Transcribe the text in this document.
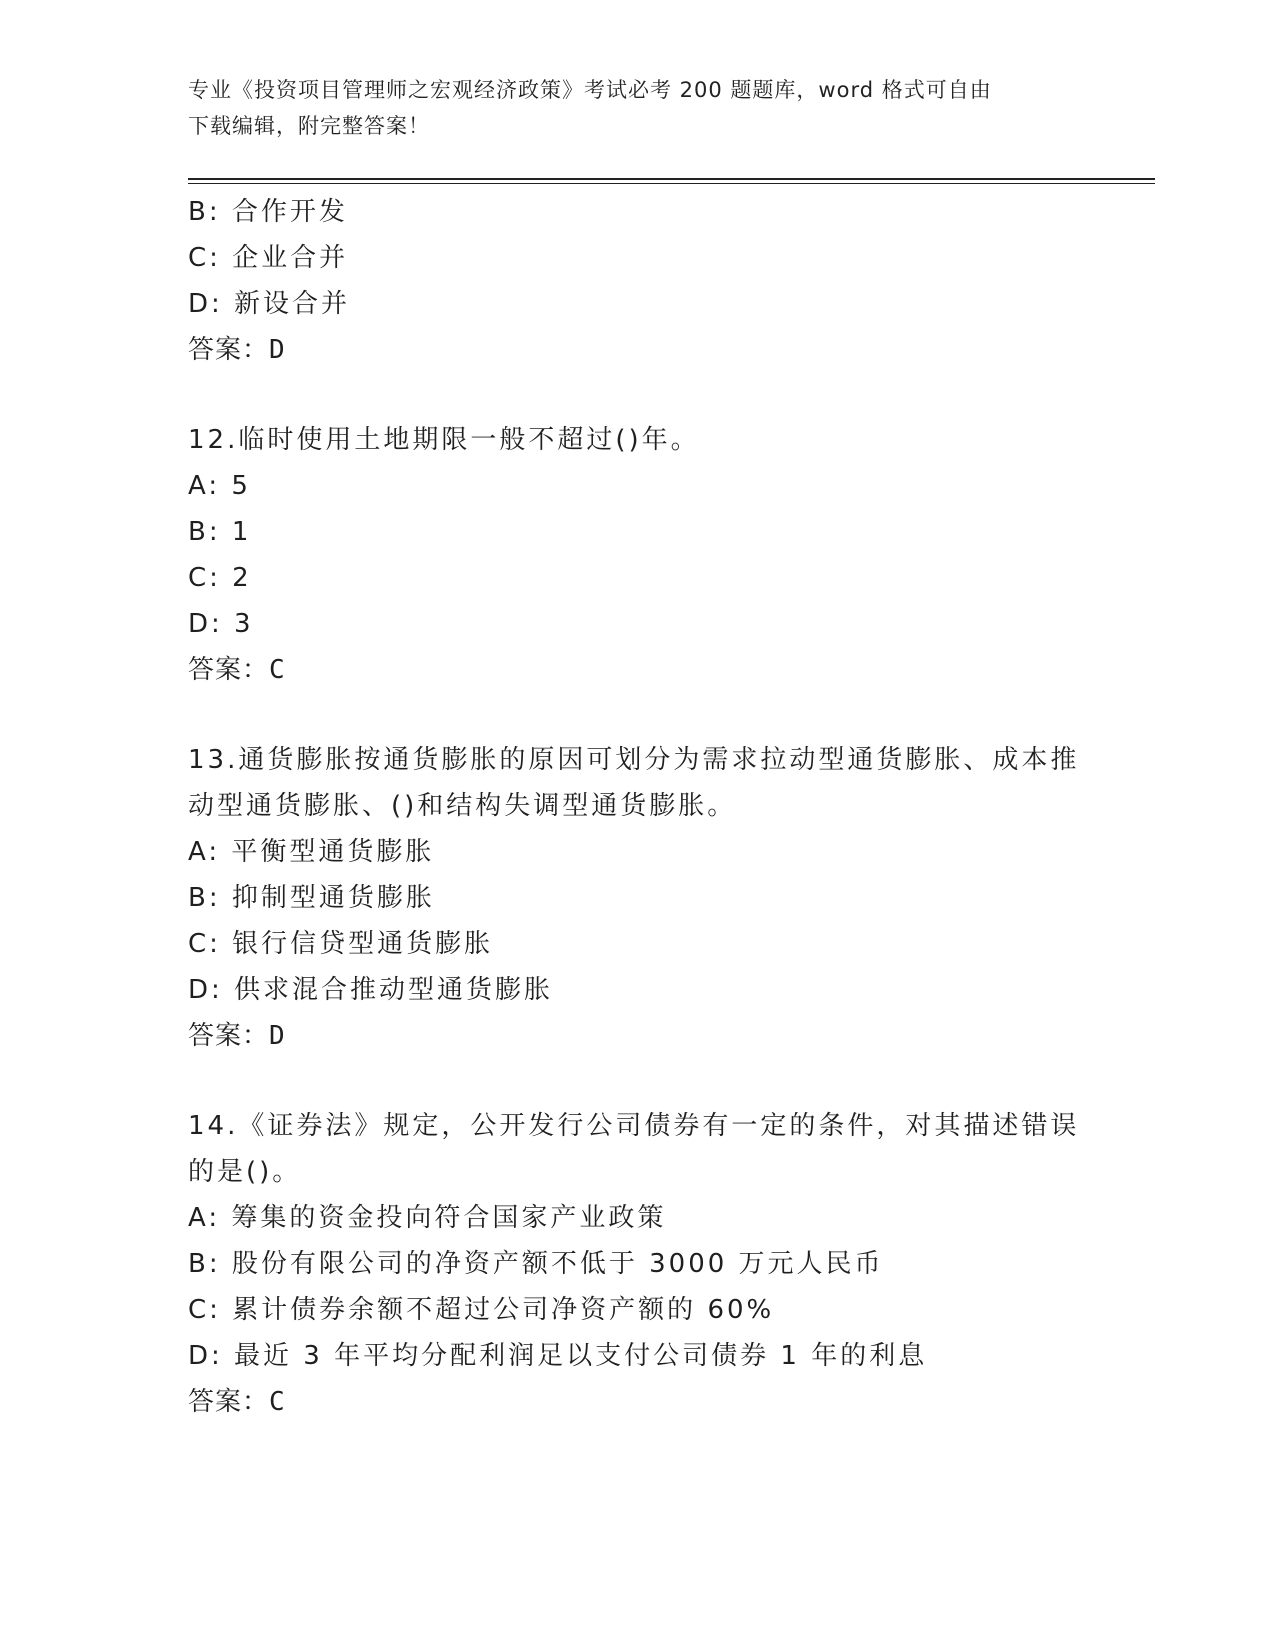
专业《投资项目管理师之宏观经济政策》考试必考 200 题题库，word 格式可自由
下载编辑，附完整答案！
B: 合作开发
C: 企业合并
D: 新设合并
答案：D
12.临时使用土地期限一般不超过()年。
A: 5
B: 1
C: 2
D: 3
答案：C
13.通货膨胀按通货膨胀的原因可划分为需求拉动型通货膨胀、成本推
动型通货膨胀、()和结构失调型通货膨胀。
A: 平衡型通货膨胀
B: 抑制型通货膨胀
C: 银行信贷型通货膨胀
D: 供求混合推动型通货膨胀
答案：D
14.《证券法》规定，公开发行公司债券有一定的条件，对其描述错误
的是()。
A: 筹集的资金投向符合国家产业政策
B: 股份有限公司的净资产额不低于 3000 万元人民币
C: 累计债券余额不超过公司净资产额的 60%
D: 最近 3 年平均分配利润足以支付公司债券 1 年的利息
答案：C
